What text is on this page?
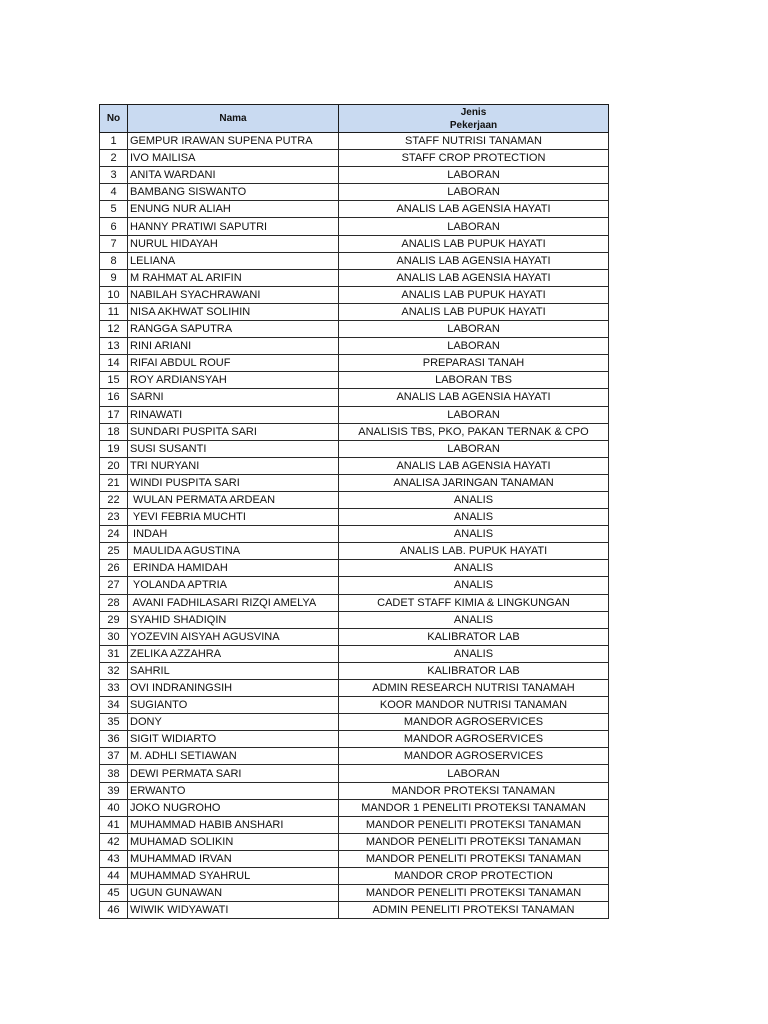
No	Nama	Jenis
Pekerjaan

1	GEMPUR IRAWAN SUPENA PUTRA	STAFF NUTRISI TANAMAN
2	IVO MAILISA	STAFF CROP PROTECTION
3	ANITA WARDANI	LABORAN
4	BAMBANG SISWANTO	LABORAN
5	ENUNG NUR ALIAH	ANALIS LAB AGENSIA HAYATI
6	HANNY PRATIWI SAPUTRI	LABORAN
7	NURUL HIDAYAH	ANALIS LAB PUPUK HAYATI
8	LELIANA	ANALIS LAB AGENSIA HAYATI
9	M RAHMAT AL ARIFIN	ANALIS LAB AGENSIA HAYATI
10	NABILAH SYACHRAWANI	ANALIS LAB PUPUK HAYATI
11	NISA AKHWAT SOLIHIN	ANALIS LAB PUPUK HAYATI
12	RANGGA SAPUTRA	LABORAN
13	RINI ARIANI	LABORAN
14	RIFAI ABDUL ROUF	PREPARASI TANAH
15	ROY ARDIANSYAH	LABORAN TBS
16	SARNI	ANALIS LAB AGENSIA HAYATI
17	RINAWATI	LABORAN
18	SUNDARI PUSPITA SARI	ANALISIS TBS, PKO, PAKAN TERNAK & CPO
19	SUSI SUSANTI	LABORAN
20	TRI NURYANI	ANALIS LAB AGENSIA HAYATI
21	WINDI PUSPITA SARI	ANALISA JARINGAN TANAMAN
22	WULAN PERMATA ARDEAN	ANALIS
23	YEVI FEBRIA MUCHTI	ANALIS
24	INDAH	ANALIS
25	MAULIDA AGUSTINA	ANALIS LAB. PUPUK HAYATI
26	ERINDA HAMIDAH	ANALIS
27	YOLANDA APTRIA	ANALIS
28	AVANI FADHILASARI RIZQI AMELYA	CADET STAFF KIMIA & LINGKUNGAN
29	SYAHID SHADIQIN	ANALIS
30	YOZEVIN AISYAH AGUSVINA	KALIBRATOR LAB
31	ZELIKA AZZAHRA	ANALIS
32	SAHRIL	KALIBRATOR LAB
33	OVI INDRANINGSIH	ADMIN RESEARCH NUTRISI TANAMAH
34	SUGIANTO	KOOR MANDOR NUTRISI TANAMAN
35	DONY	MANDOR AGROSERVICES
36	SIGIT WIDIARTO	MANDOR AGROSERVICES
37	M. ADHLI SETIAWAN	MANDOR AGROSERVICES
38	DEWI PERMATA SARI	LABORAN
39	ERWANTO	MANDOR PROTEKSI TANAMAN
40	JOKO NUGROHO	MANDOR 1 PENELITI PROTEKSI TANAMAN
41	MUHAMMAD HABIB ANSHARI	MANDOR PENELITI PROTEKSI TANAMAN
42	MUHAMAD SOLIKIN	MANDOR PENELITI PROTEKSI TANAMAN
43	MUHAMMAD IRVAN	MANDOR PENELITI PROTEKSI TANAMAN
44	MUHAMMAD SYAHRUL	MANDOR CROP PROTECTION
45	UGUN GUNAWAN	MANDOR PENELITI PROTEKSI TANAMAN
46	WIWIK WIDYAWATI	ADMIN PENELITI PROTEKSI TANAMAN
